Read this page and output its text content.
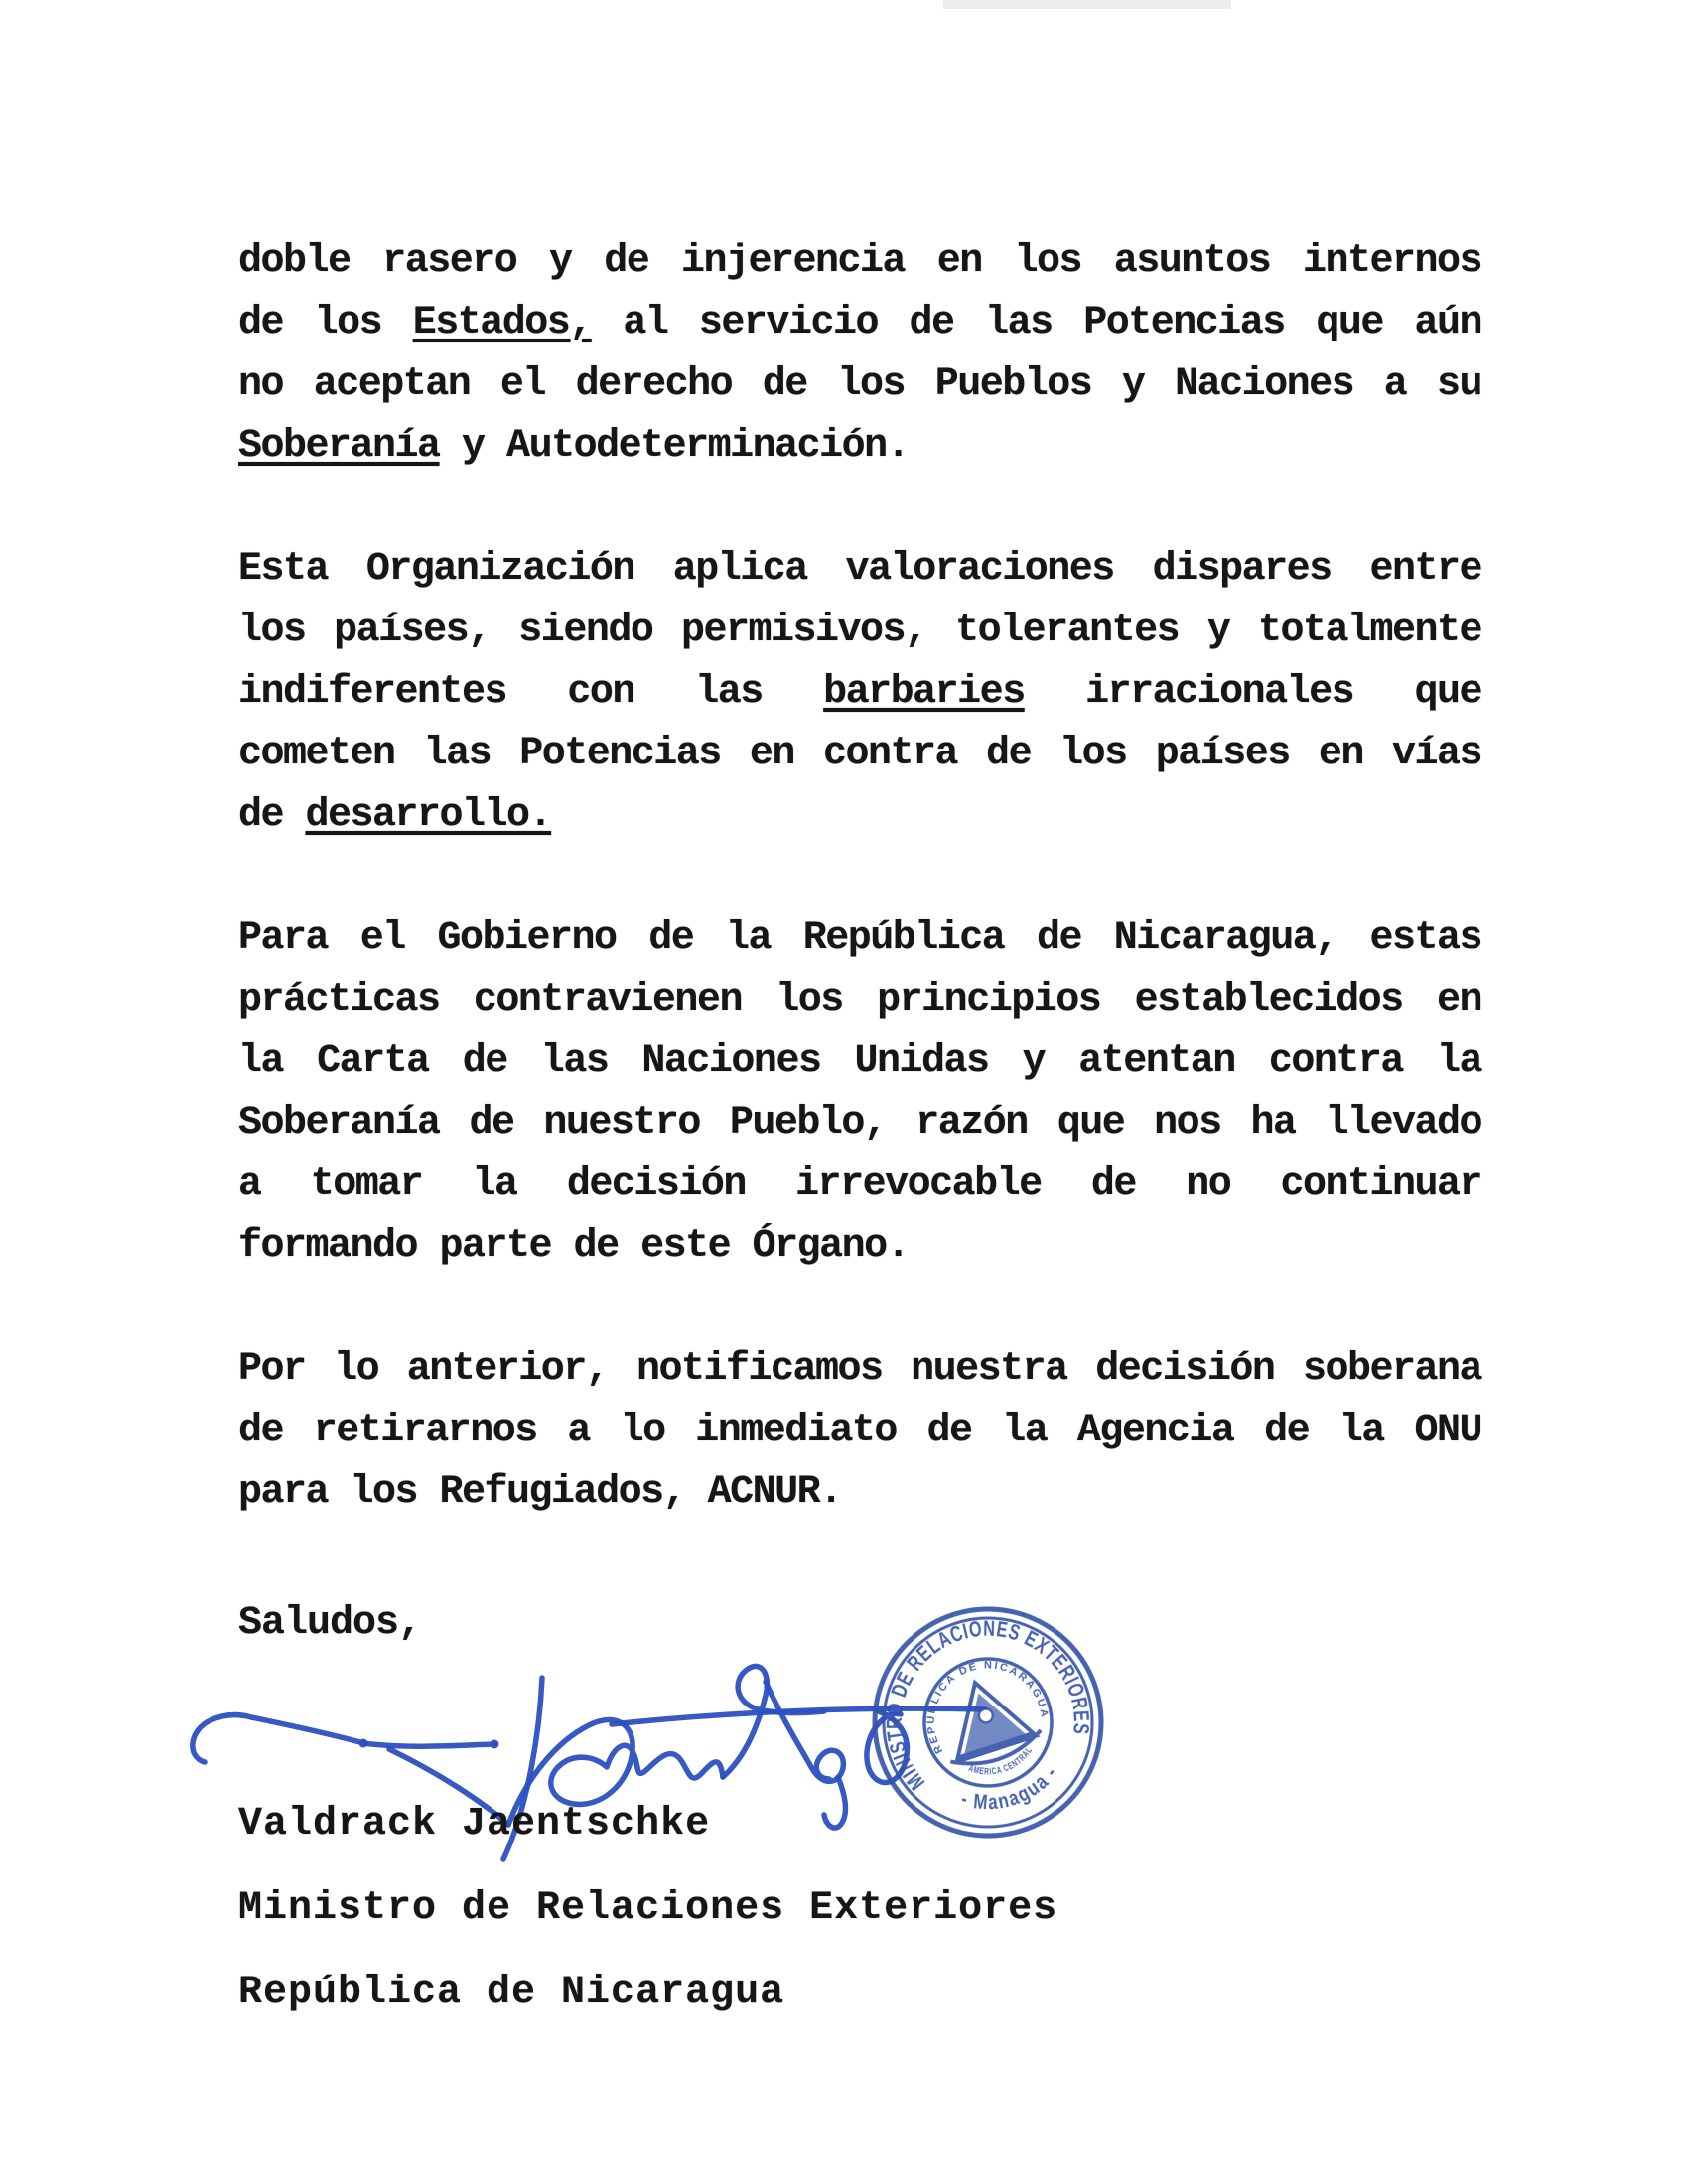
doble rasero y de injerencia en los asuntos internos
de los Estados, al servicio de las Potencias que aún
no aceptan el derecho de los Pueblos y Naciones a su
Soberanía y Autodeterminación.
Esta Organización aplica valoraciones dispares entre
los países, siendo permisivos, tolerantes y totalmente
indiferentes con las barbaries irracionales que
cometen las Potencias en contra de los países en vías
de desarrollo.
Para el Gobierno de la República de Nicaragua, estas
prácticas contravienen los principios establecidos en
la Carta de las Naciones Unidas y atentan contra la
Soberanía de nuestro Pueblo, razón que nos ha llevado
a tomar la decisión irrevocable de no continuar
formando parte de este Órgano.
Por lo anterior, notificamos nuestra decisión soberana
de retirarnos a lo inmediato de la Agencia de la ONU
para los Refugiados, ACNUR.
Saludos,
MINISTRO DE RELACIONES EXTERIORES
- Managua -
REPUBLICA DE NICARAGUA
AMERICA CENTRAL
Valdrack Jaentschke
Ministro de Relaciones Exteriores
República de Nicaragua
